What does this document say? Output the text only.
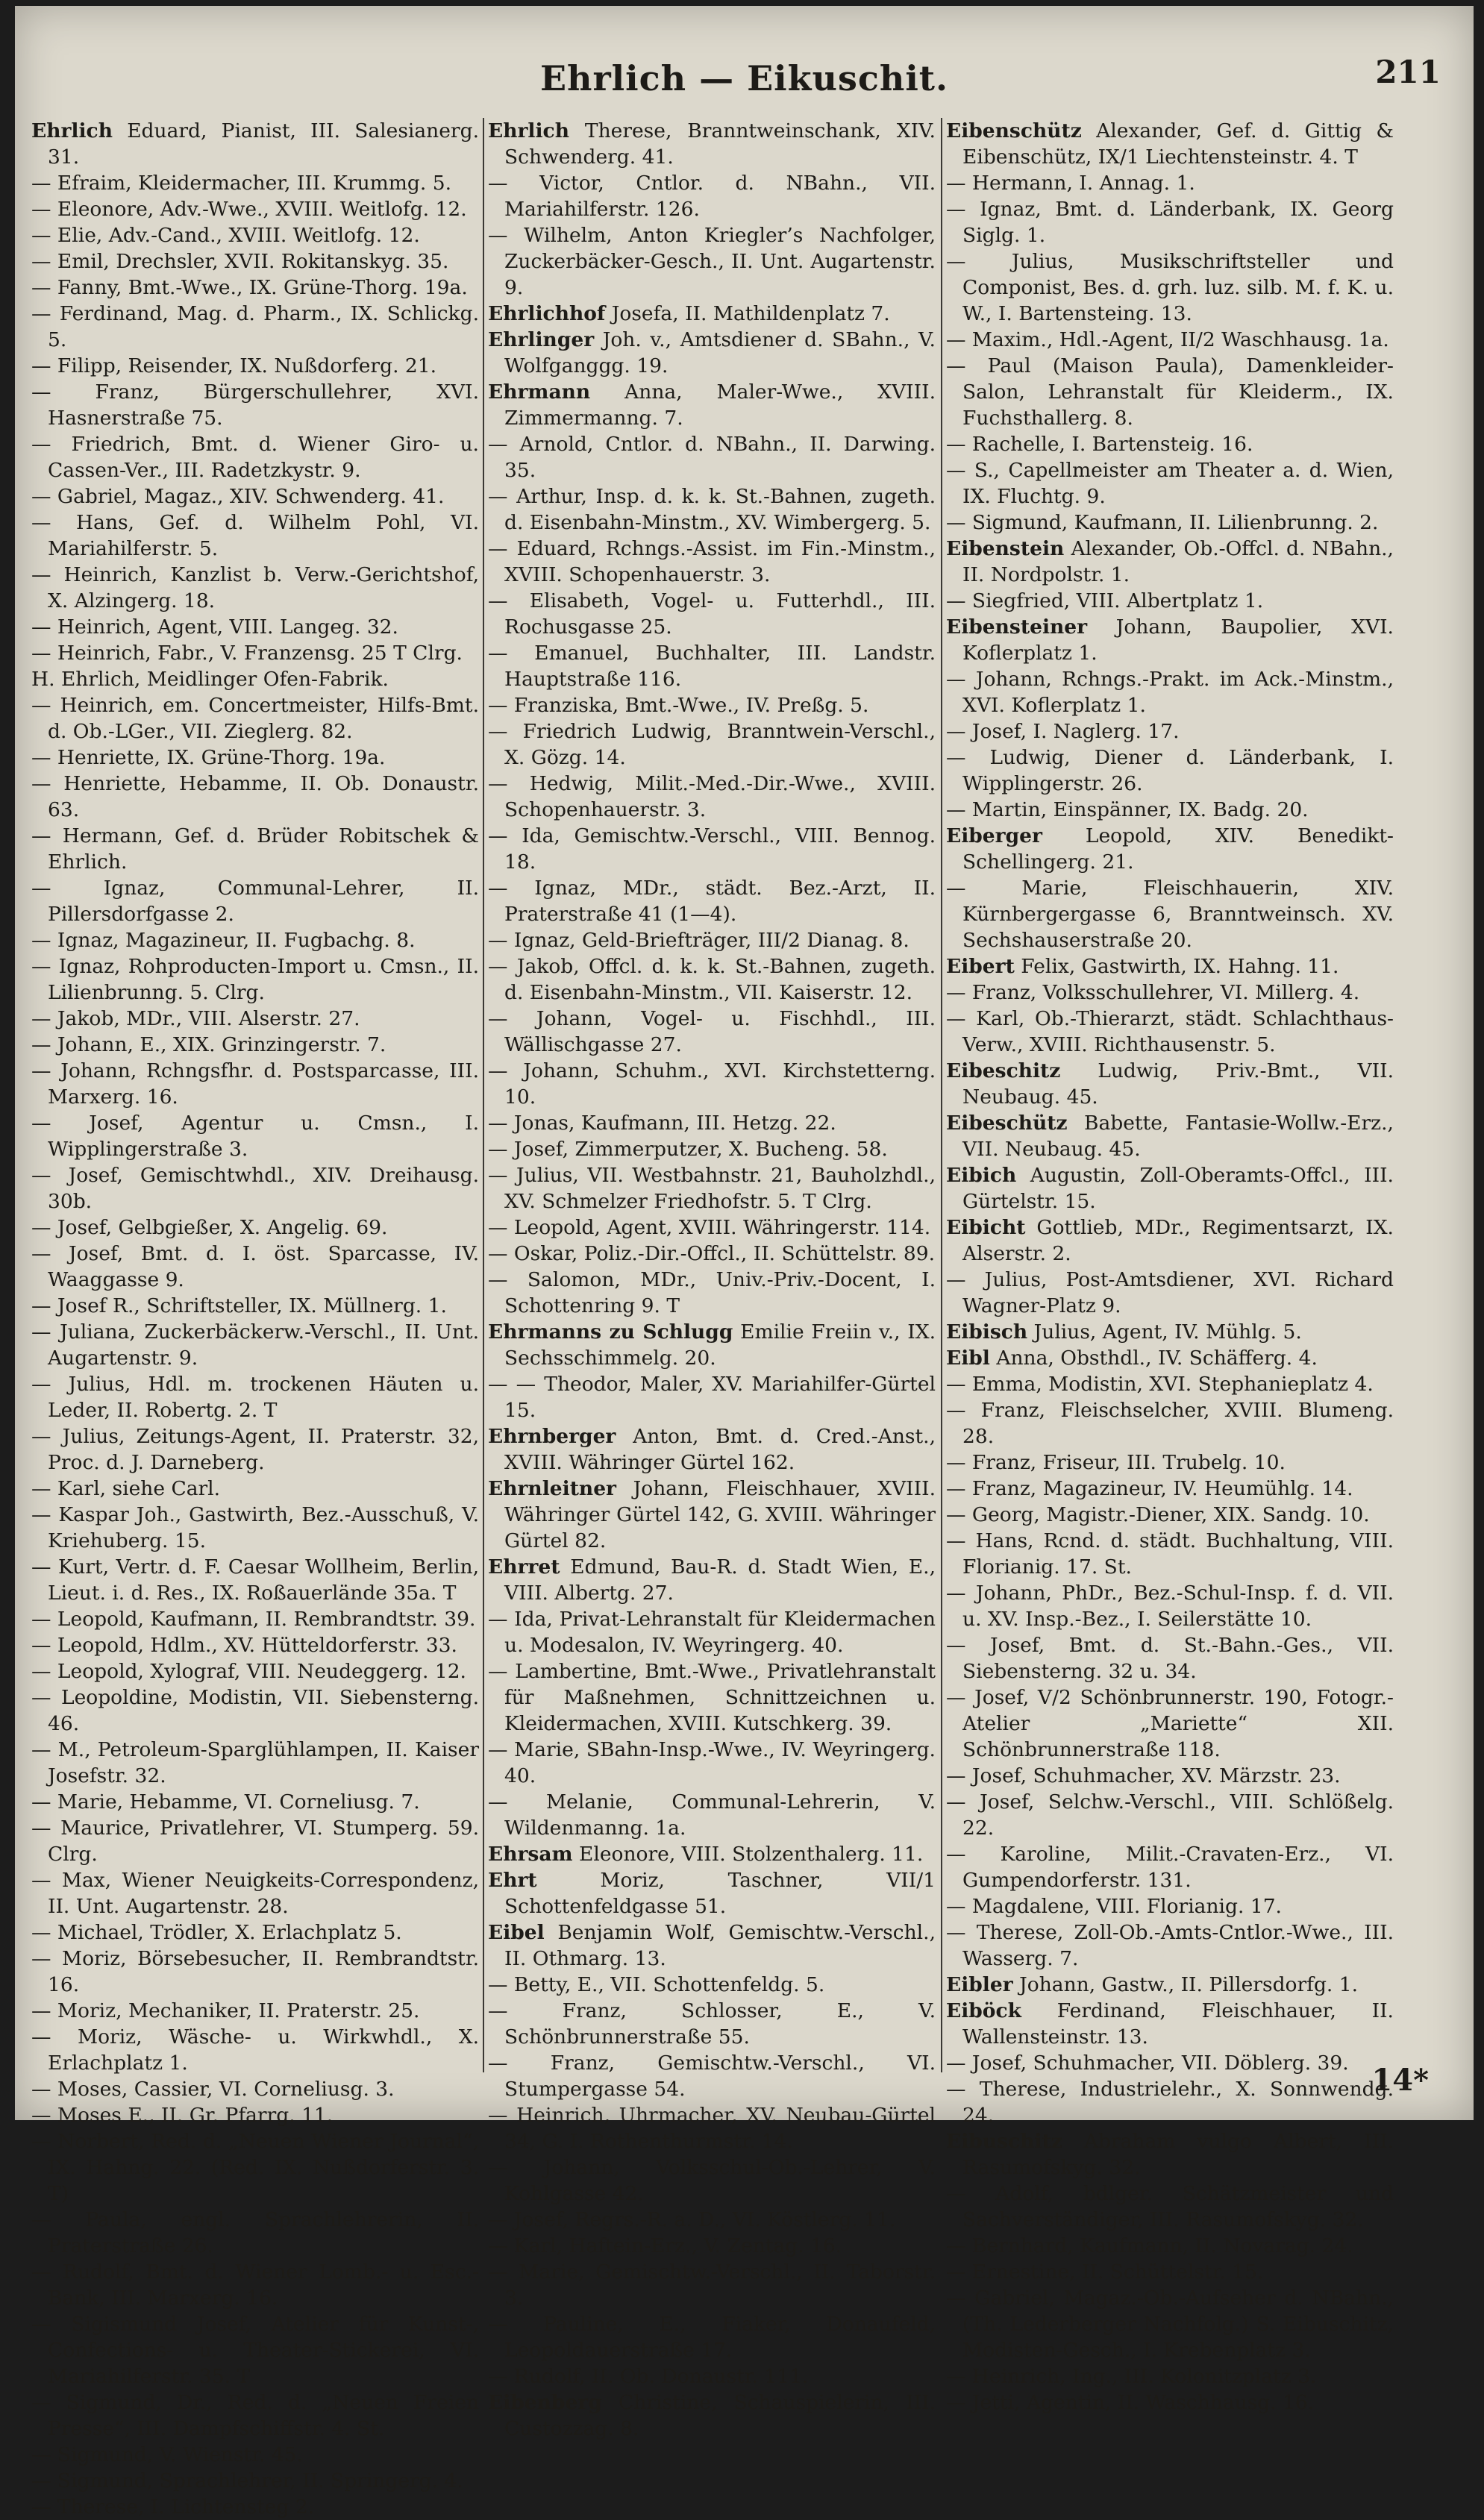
Ehrlich — Eikuschit.	211

Ehrlich Eduard, Pianist, III. Salesianerg. 31.

— Efraim, Kleidermacher, III. Krummg. 5.

— Eleonore, Adv.-Wwe., XVIII. Weitlofg. 12.

— Elie, Adv.-Cand., XVIII. Weitlofg. 12.

— Emil, Drechsler, XVII. Rokitanskyg. 35.

— Fanny, Bmt.-Wwe., IX. Grüne-Thorg. 19a.

— Ferdinand, Mag. d. Pharm., IX. Schlickg. 5.

— Filipp, Reisender, IX. Nußdorferg. 21.

— Franz, Bürgerschullehrer, XVI. Hasnerstraße 75.

— Friedrich, Bmt. d. Wiener Giro- u. Cassen-Ver., III. Radetzkystr. 9.

— Gabriel, Magaz., XIV. Schwenderg. 41.

— Hans, Gef. d. Wilhelm Pohl, VI. Mariahilferstr. 5.

— Heinrich, Kanzlist b. Verw.-Gerichtshof, X. Alzingerg. 18.

— Heinrich, Agent, VIII. Langeg. 32.

— Heinrich, Fabr., V. Franzensg. 25 T Clrg.

H. Ehrlich, Meidlinger Ofen-Fabrik.

— Heinrich, em. Concertmeister, Hilfs-Bmt. d. Ob.-LGer., VII. Zieglerg. 82.

— Henriette, IX. Grüne-Thorg. 19a.

— Henriette, Hebamme, II. Ob. Donaustr. 63.

— Hermann, Gef. d. Brüder Robitschek & Ehrlich.

— Ignaz, Communal-Lehrer, II. Pillersdorfgasse 2.

— Ignaz, Magazineur, II. Fugbachg. 8.

— Ignaz, Rohproducten-Import u. Cmsn., II. Lilienbrunng. 5. Clrg.

— Jakob, MDr., VIII. Alserstr. 27.

— Johann, E., XIX. Grinzingerstr. 7.

— Johann, Rchngsfhr. d. Postsparcasse, III. Marxerg. 16.

— Josef, Agentur u. Cmsn., I. Wipplingerstraße 3.

— Josef, Gemischtwhdl., XIV. Dreihausg. 30b.

— Josef, Gelbgießer, X. Angelig. 69.

— Josef, Bmt. d. I. öst. Sparcasse, IV. Waaggasse 9.

— Josef R., Schriftsteller, IX. Müllnerg. 1.

— Juliana, Zuckerbäckerw.-Verschl., II. Unt. Augartenstr. 9.

— Julius, Hdl. m. trockenen Häuten u. Leder, II. Robertg. 2. T

— Julius, Zeitungs-Agent, II. Praterstr. 32, Proc. d. J. Darneberg.

— Karl, siehe Carl.

— Kaspar Joh., Gastwirth, Bez.-Ausschuß, V. Kriehuberg. 15.

— Kurt, Vertr. d. F. Caesar Wollheim, Berlin, Lieut. i. d. Res., IX. Roßauerlände 35a. T

— Leopold, Kaufmann, II. Rembrandtstr. 39.

— Leopold, Hdlm., XV. Hütteldorferstr. 33.

— Leopold, Xylograf, VIII. Neudeggerg. 12.

— Leopoldine, Modistin, VII. Siebensterng. 46.

— M., Petroleum-Sparglühlampen, II. Kaiser Josefstr. 32.

— Marie, Hebamme, VI. Corneliusg. 7.

— Maurice, Privatlehrer, VI. Stumperg. 59. Clrg.

— Max, Wiener Neuigkeits-Correspondenz, II. Unt. Augartenstr. 28.

— Michael, Trödler, X. Erlachplatz 5.

— Moriz, Börsebesucher, II. Rembrandtstr. 16.

— Moriz, Mechaniker, II. Praterstr. 25.

— Moriz, Wäsche- u. Wirkwhdl., X. Erlachplatz 1.

— Moses, Cassier, VI. Corneliusg. 3.

— Moses E., II. Gr. Pfarrg. 11.

— Norbert, Red. d. „Neuen Wiener Journal“, IX. Hahng. 22. (Red. IX. Nußdorferstr. 3. T)

— Paula, engl. Sprachlehrerin, II. Praterstraße 26.

— Rudolf, Bmt. d. Wiener Lomb.- u. Esc.-Bank, III. Marxerg. 16.

— Sigismund Josef, Atelier für Kunst-, Confections- u. Theater-Stickerei, VI. Mariahilferstr. 35. T

— Sigmund, Dr., Red. d. „Neuen Freien Presse“, III. Dampfschiffstr. 4. St.

— Sigmund, V. Wienstr. 45.

— Sigmund, Sprachlehrer, II. Springerg. 4.

— Therese, I. Lichtensteg 2.

Ehrlich Therese, Branntweinschank, XIV. Schwenderg. 41.

— Victor, Cntlor. d. NBahn., VII. Mariahilferstr. 126.

— Wilhelm, Anton Kriegler’s Nachfolger, Zuckerbäcker-Gesch., II. Unt. Augartenstr. 9.

Ehrlichhof Josefa, II. Mathildenplatz 7.

Ehrlinger Joh. v., Amtsdiener d. SBahn., V. Wolfganggg. 19.

Ehrmann Anna, Maler-Wwe., XVIII. Zimmermanng. 7.

— Arnold, Cntlor. d. NBahn., II. Darwing. 35.

— Arthur, Insp. d. k. k. St.-Bahnen, zugeth. d. Eisenbahn-Minstm., XV. Wimbergerg. 5.

— Eduard, Rchngs.-Assist. im Fin.-Minstm., XVIII. Schopenhauerstr. 3.

— Elisabeth, Vogel- u. Futterhdl., III. Rochusgasse 25.

— Emanuel, Buchhalter, III. Landstr. Hauptstraße 116.

— Franziska, Bmt.-Wwe., IV. Preßg. 5.

— Friedrich Ludwig, Branntwein-Verschl., X. Gözg. 14.

— Hedwig, Milit.-Med.-Dir.-Wwe., XVIII. Schopenhauerstr. 3.

— Ida, Gemischtw.-Verschl., VIII. Bennog. 18.

— Ignaz, MDr., städt. Bez.-Arzt, II. Praterstraße 41 (1—4).

— Ignaz, Geld-Briefträger, III/2 Dianag. 8.

— Jakob, Offcl. d. k. k. St.-Bahnen, zugeth. d. Eisenbahn-Minstm., VII. Kaiserstr. 12.

— Johann, Vogel- u. Fischhdl., III. Wällischgasse 27.

— Johann, Schuhm., XVI. Kirchstetterng. 10.

— Jonas, Kaufmann, III. Hetzg. 22.

— Josef, Zimmerputzer, X. Bucheng. 58.

— Julius, VII. Westbahnstr. 21, Bauholzhdl., XV. Schmelzer Friedhofstr. 5. T Clrg.

— Leopold, Agent, XVIII. Währingerstr. 114.

— Oskar, Poliz.-Dir.-Offcl., II. Schüttelstr. 89.

— Salomon, MDr., Univ.-Priv.-Docent, I. Schottenring 9. T

Ehrmanns zu Schlugg Emilie Freiin v., IX. Sechsschimmelg. 20.

— — Theodor, Maler, XV. Mariahilfer-Gürtel 15.

Ehrnberger Anton, Bmt. d. Cred.-Anst., XVIII. Währinger Gürtel 162.

Ehrnleitner Johann, Fleischhauer, XVIII. Währinger Gürtel 142, G. XVIII. Währinger Gürtel 82.

Ehrret Edmund, Bau-R. d. Stadt Wien, E., VIII. Albertg. 27.

— Ida, Privat-Lehranstalt für Kleidermachen u. Modesalon, IV. Weyringerg. 40.

— Lambertine, Bmt.-Wwe., Privatlehranstalt für Maßnehmen, Schnittzeichnen u. Kleidermachen, XVIII. Kutschkerg. 39.

— Marie, SBahn-Insp.-Wwe., IV. Weyringerg. 40.

— Melanie, Communal-Lehrerin, V. Wildenmanng. 1a.

Ehrsam Eleonore, VIII. Stolzenthalerg. 11.

Ehrt	Moriz, Taschner, VII/1 Schottenfeldgasse 51.

Eibel Benjamin Wolf, Gemischtw.-Verschl., II. Othmarg. 13.

— Betty, E., VII. Schottenfeldg. 5.

— Franz, Schlosser, E., V. Schönbrunnerstraße 55.

— Franz, Gemischtw.-Verschl., VI. Stumpergasse 54.

— Heinrich, Uhrmacher, XV. Neubau-Gürtel 34, G. I. Rothenthurmstr. 14.

— Johann, Volksschul-Ob.-Lehrer, V. Kohlgasse 42.

— Josef, Regrs.-R. a. D., VI. Köstlerg. 11.

— Karl, Haftein-Erz., V. Zentag. 16.

— Marie, Gemischtw.-Verschl., II. Taborstr. 3.

— Pauline, E., Fiaker, Donaufeld, Leopoldauerstraße 17.

— Rudolf, II. Ob. Donaustr. 111.

Eibenberg Christine, Schauspielerin, III. Custozzag. 8.

Eibenschütz Alexander, Gef. d. Gittig & Eibenschütz, IX/1 Liechtensteinstr. 4. T

— Hermann, I. Annag. 1.

— Ignaz, Bmt. d. Länderbank, IX. Georg Siglg. 1.

— Julius, Musikschriftsteller und Componist, Bes. d. grh. luz. silb. M. f. K. u. W., I. Bartensteing. 13.

— Maxim., Hdl.-Agent, II/2 Waschhausg. 1a.

— Paul (Maison Paula), Damenkleider-Salon, Lehranstalt für Kleiderm., IX. Fuchsthallerg. 8.

— Rachelle, I. Bartensteig. 16.

— S., Capellmeister am Theater a. d. Wien, IX. Fluchtg. 9.

— Sigmund, Kaufmann, II. Lilienbrunng. 2.

Eibenstein Alexander, Ob.-Offcl. d. NBahn., II. Nordpolstr. 1.

— Siegfried, VIII. Albertplatz 1.

Eibensteiner Johann, Baupolier, XVI. Koflerplatz 1.

— Johann, Rchngs.-Prakt. im Ack.-Minstm., XVI. Koflerplatz 1.

— Josef, I. Naglerg. 17.

— Ludwig, Diener d. Länderbank, I. Wipplingerstr. 26.

— Martin, Einspänner, IX. Badg. 20.

Eiberger Leopold, XIV. Benedikt-Schellingerg. 21.

— Marie, Fleischhauerin, XIV. Kürnbergergasse 6, Branntweinsch. XV. Sechshauserstraße 20.

Eibert Felix, Gastwirth, IX. Hahng. 11.

— Franz, Volksschullehrer, VI. Millerg. 4.

— Karl, Ob.-Thierarzt, städt. Schlachthaus-Verw., XVIII. Richthausenstr. 5.

Eibeschitz Ludwig, Priv.-Bmt., VII. Neubaug. 45.

Eibeschütz Babette, Fantasie-Wollw.-Erz., VII. Neubaug. 45.

Eibich Augustin, Zoll-Oberamts-Offcl., III. Gürtelstr. 15.

Eibicht Gottlieb, MDr., Regimentsarzt, IX. Alserstr. 2.

— Julius, Post-Amtsdiener, XVI. Richard Wagner-Platz 9.

Eibisch Julius, Agent, IV. Mühlg. 5.

Eibl Anna, Obsthdl., IV. Schäfferg. 4.

— Emma, Modistin, XVI. Stephanieplatz 4.

— Franz, Fleischselcher, XVIII. Blumeng. 28.

— Franz, Friseur, III. Trubelg. 10.

— Franz, Magazineur, IV. Heumühlg. 14.

— Georg, Magistr.-Diener, XIX. Sandg. 10.

— Hans, Rcnd. d. städt. Buchhaltung, VIII. Florianig. 17. St.

— Johann, PhDr., Bez.-Schul-Insp. f. d. VII. u. XV. Insp.-Bez., I. Seilerstätte 10.

— Josef, Bmt. d. St.-Bahn.-Ges., VII. Siebensterng. 32 u. 34.

— Josef, V/2 Schönbrunnerstr. 190, Fotogr.-Atelier „Mariette“ XII. Schönbrunnerstraße 118.

— Josef, Schuhmacher, XV. Märzstr. 23.

— Josef, Selchw.-Verschl., VIII. Schlößelg. 22.

— Karoline, Milit.-Cravaten-Erz., VI. Gumpendorferstr. 131.

— Magdalene, VIII. Florianig. 17.

— Therese, Zoll-Ob.-Amts-Cntlor.-Wwe., III. Wasserg. 7.

Eibler Johann, Gastw., II. Pillersdorfg. 1.

Eiböck Ferdinand, Fleischhauer, II. Wallensteinstr. 13.

— Josef, Schuhmacher, VII. Döblerg. 39.

— Therese, Industrielehr., X. Sonnwendg. 24.

Eibuschitz Abraham vulgo Albert, III. Rasumofskyg. 32.

— Adolf, bdlger. Schätzmeister und Sachverständiger, III. Rasumofskyg. 32.

— Bernhard, Kaufmann, II. Novarag. 24.

— Ernestine, II. Schüttelstr. 15.

— Gabriel, Magaz.-Ob.-Aufseher d. NBahn., (Th. Lederberger Nachfolg.) S. Eibuschitz, Modisten-Gesch., I. Krebenplatz 3.

— Heinrich, Ing., III. Kolonitzplatz 3.

— Jetti, Agentin, II. Waschhausg. 16.

14*
